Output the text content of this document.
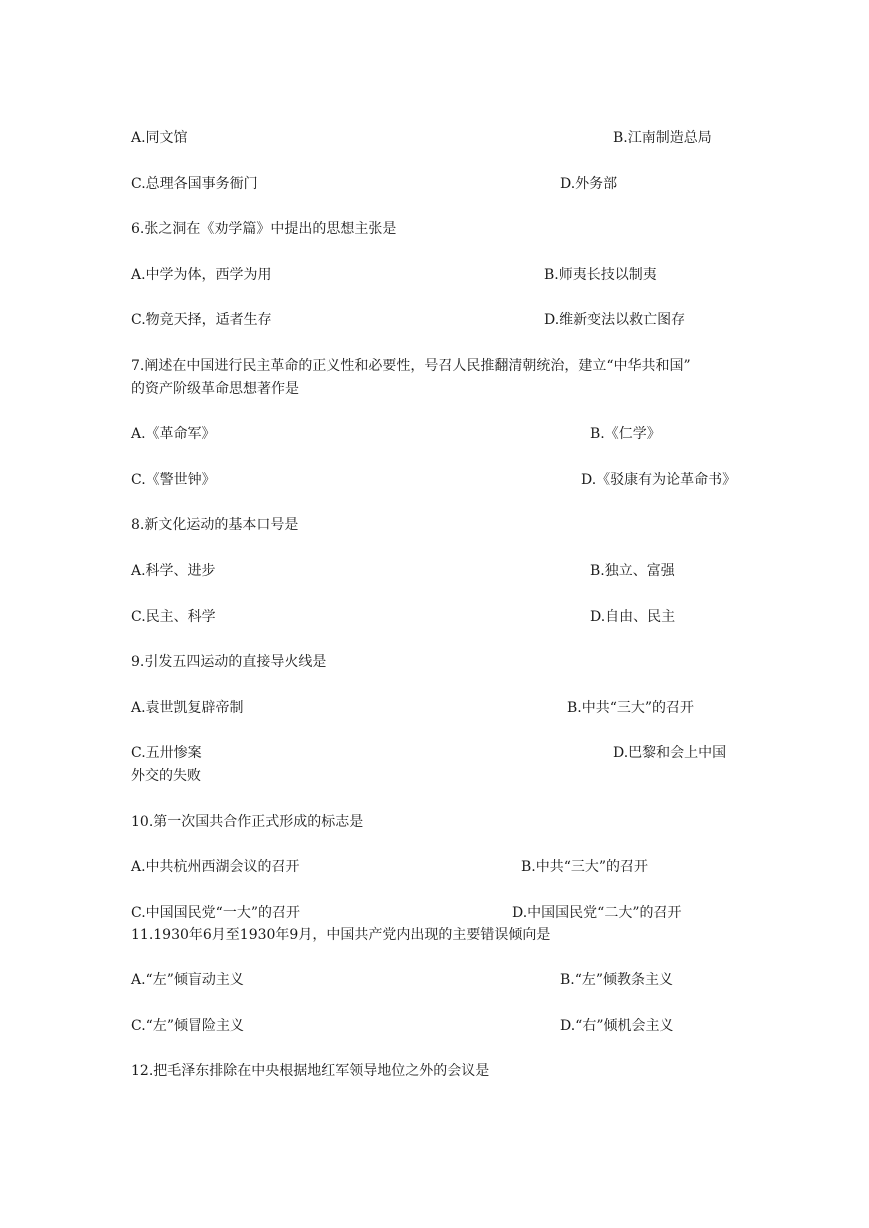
A.同文馆	B.江南制造总局
C.总理各国事务衙门	D.外务部
6.张之洞在《劝学篇》中提出的思想主张是
A.中学为体，西学为用	B.师夷长技以制夷
C.物竞天择，适者生存	D.维新变法以救亡图存
7.阐述在中国进行民主革命的正义性和必要性，号召人民推翻清朝统治，建立“中华共和国”
的资产阶级革命思想著作是
A.《革命军》	B.《仁学》
C.《警世钟》	D.《驳康有为论革命书》
8.新文化运动的基本口号是
A.科学、进步	B.独立、富强
C.民主、科学	D.自由、民主
9.引发五四运动的直接导火线是
A.袁世凯复辟帝制	B.中共“三大”的召开
C.五卅惨案	D.巴黎和会上中国
外交的失败
10.第一次国共合作正式形成的标志是
A.中共杭州西湖会议的召开	B.中共“三大”的召开
C.中国国民党“一大”的召开	D.中国国民党“二大”的召开
11.1930年6月至1930年9月，中国共产党内出现的主要错误倾向是
A.“左”倾盲动主义	B.“左”倾教条主义
C.“左”倾冒险主义	D.“右”倾机会主义
12.把毛泽东排除在中央根据地红军领导地位之外的会议是
